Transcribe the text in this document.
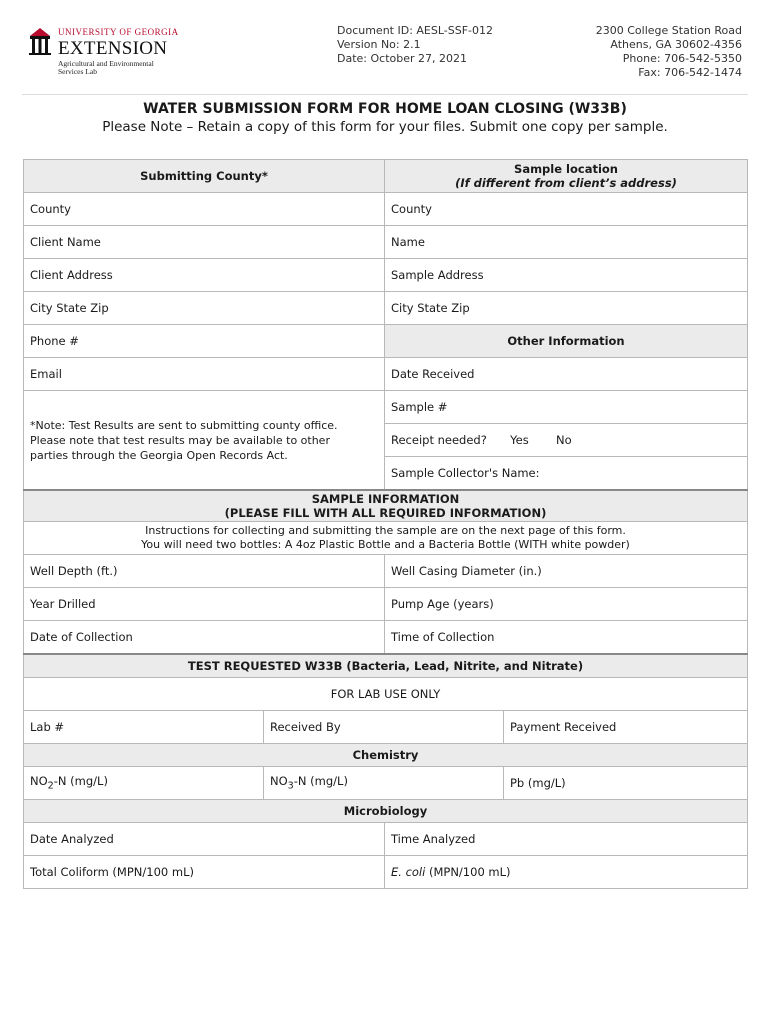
UNIVERSITY OF GEORGIA
EXTENSION
Agricultural and Environmental
Services Lab
Document ID: AESL-SSF-012
Version No: 2.1
Date: October 27, 2021
2300 College Station Road
Athens, GA 30602-4356
Phone: 706-542-5350
Fax: 706-542-1474
WATER SUBMISSION FORM FOR HOME LOAN CLOSING (W33B)
Please Note – Retain a copy of this form for your files. Submit one copy per sample.
Submitting County*		Sample location
(If different from client’s address)	

County		County	
Client Name		Name	
Client Address		Sample Address	
City State Zip		City State Zip	
Phone #		Other Information	
Email		Date Received	

*Note: Test Results are sent to submitting county office.
Please note that test results may be available to other
parties through the Georgia Open Records Act.		Sample #	
		Receipt needed? Yes No	
		Sample Collector's Name:	

SAMPLE INFORMATION
(PLEASE FILL WITH ALL REQUIRED INFORMATION)			

Instructions for collecting and submitting the sample are on the next page of this form.
You will need two bottles: A 4oz Plastic Bottle and a Bacteria Bottle (WITH white powder)			

Well Depth (ft.)		Well Casing Diameter (in.)	
Year Drilled		Pump Age (years)	
Date of Collection		Time of Collection	
TEST REQUESTED W33B (Bacteria, Lead, Nitrite, and Nitrate)			
FOR LAB USE ONLY			
Lab #	Received By		Payment Received
Chemistry			
$NO_2-N$ (mg/L)	$NO_3-N$ (mg/L)		Pb (mg/L)
Microbiology			
Date Analyzed		Time Analyzed	
Total Coliform (MPN/100 mL)		E. coli (MPN/100 mL)	
